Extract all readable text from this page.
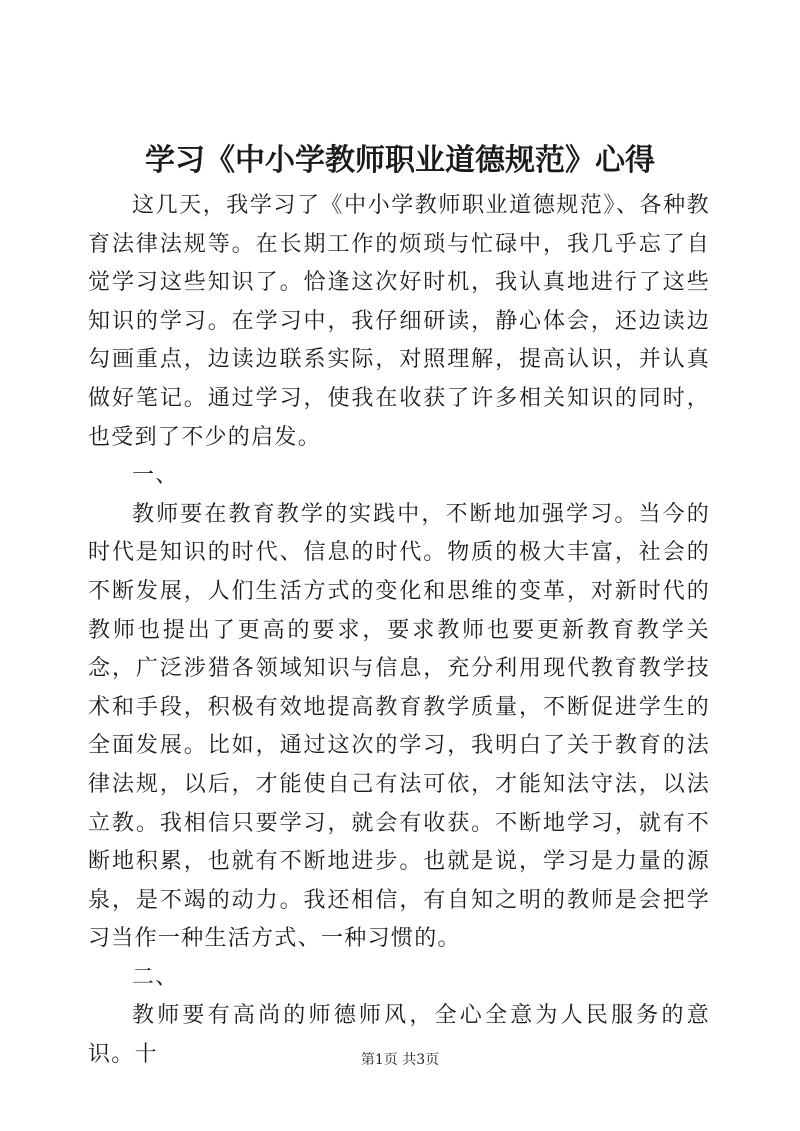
学习《中小学教师职业道德规范》心得

这几天，我学习了《中小学教师职业道德规范》、各种教育法律法规等。在长期工作的烦琐与忙碌中，我几乎忘了自觉学习这些知识了。恰逢这次好时机，我认真地进行了这些知识的学习。在学习中，我仔细研读，静心体会，还边读边勾画重点，边读边联系实际，对照理解，提高认识，并认真做好笔记。通过学习，使我在收获了许多相关知识的同时，也受到了不少的启发。

一、

教师要在教育教学的实践中，不断地加强学习。当今的时代是知识的时代、信息的时代。物质的极大丰富，社会的不断发展，人们生活方式的变化和思维的变革，对新时代的教师也提出了更高的要求，要求教师也要更新教育教学关念，广泛涉猎各领域知识与信息，充分利用现代教育教学技术和手段，积极有效地提高教育教学质量，不断促进学生的全面发展。比如，通过这次的学习，我明白了关于教育的法律法规，以后，才能使自己有法可依，才能知法守法，以法立教。我相信只要学习，就会有收获。不断地学习，就有不断地积累，也就有不断地进步。也就是说，学习是力量的源泉，是不竭的动力。我还相信，有自知之明的教师是会把学习当作一种生活方式、一种习惯的。

二、

教师要有高尚的师德师风，全心全意为人民服务的意识。十	第1页 共3页
